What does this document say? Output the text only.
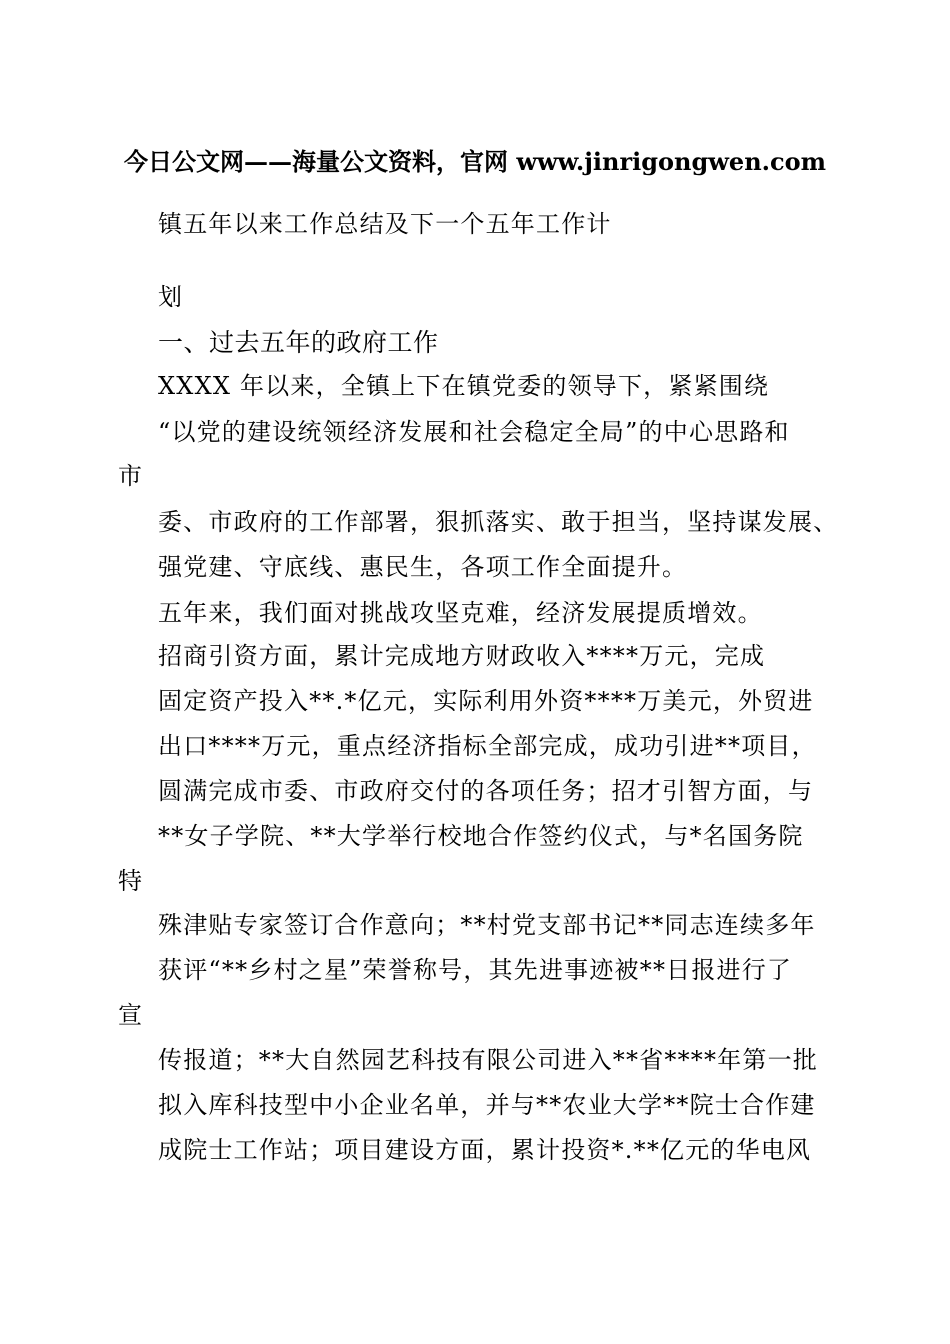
今日公文网——海量公文资料，官网 www.jinrigongwen.com
镇五年以来工作总结及下一个五年工作计
划
一、过去五年的政府工作
XXXX 年以来，全镇上下在镇党委的领导下，紧紧围绕
“以党的建设统领经济发展和社会稳定全局”的中心思路和
市
委、市政府的工作部署，狠抓落实、敢于担当，坚持谋发展、
强党建、守底线、惠民生，各项工作全面提升。
五年来，我们面对挑战攻坚克难，经济发展提质增效。
招商引资方面，累计完成地方财政收入****万元，完成
固定资产投入**.*亿元，实际利用外资****万美元，外贸进
出口****万元，重点经济指标全部完成，成功引进**项目，
圆满完成市委、市政府交付的各项任务；招才引智方面，与
**女子学院、**大学举行校地合作签约仪式，与*名国务院
特
殊津贴专家签订合作意向；**村党支部书记**同志连续多年
获评“**乡村之星”荣誉称号，其先进事迹被**日报进行了
宣
传报道；**大自然园艺科技有限公司进入**省****年第一批
拟入库科技型中小企业名单，并与**农业大学**院士合作建
成院士工作站；项目建设方面，累计投资*.**亿元的华电风
